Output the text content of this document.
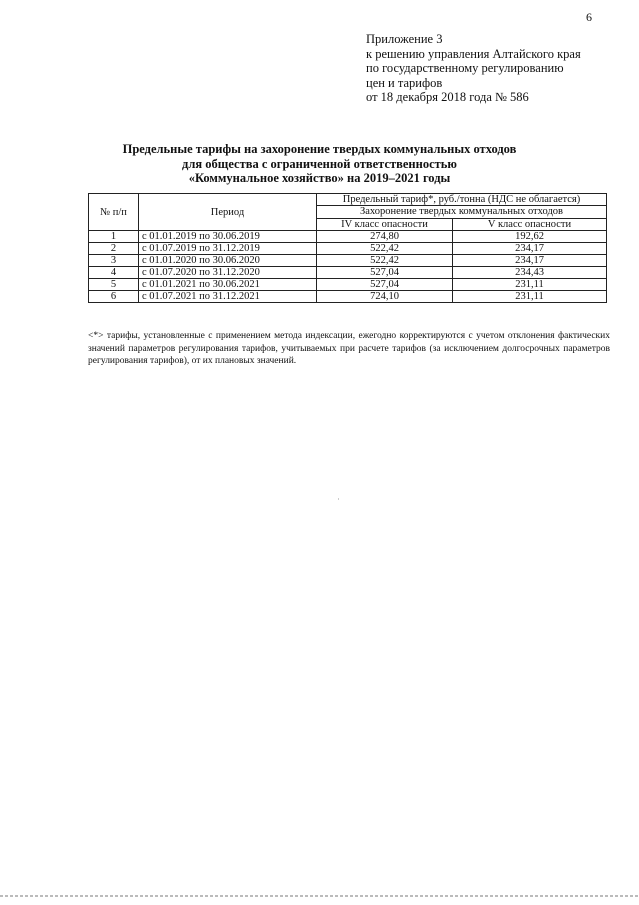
6
Приложение 3
к решению управления Алтайского края
по государственному регулированию
цен и тарифов
от 18 декабря 2018 года № 586
Предельные тарифы на захоронение твердых коммунальных отходов
для общества с ограниченной ответственностью
«Коммунальное хозяйство» на 2019–2021 годы
№ п/п	Период	Предельный тариф*, руб./тонна (НДС не облагается)	
		Захоронение твердых коммунальных отходов	
		IV класс опасности	V класс опасности
1	с 01.01.2019 по 30.06.2019	274,80	192,62
2	с 01.07.2019 по 31.12.2019	522,42	234,17
3	с 01.01.2020 по 30.06.2020	522,42	234,17
4	с 01.07.2020 по 31.12.2020	527,04	234,43
5	с 01.01.2021 по 30.06.2021	527,04	231,11
6	с 01.07.2021 по 31.12.2021	724,10	231,11
<*> тарифы, установленные с применением метода индексации, ежегодно корректируются с учетом отклонения фактических значений параметров регулирования тарифов, учитываемых при расчете тарифов (за исключением долгосрочных параметров регулирования тарифов), от их плановых значений.
